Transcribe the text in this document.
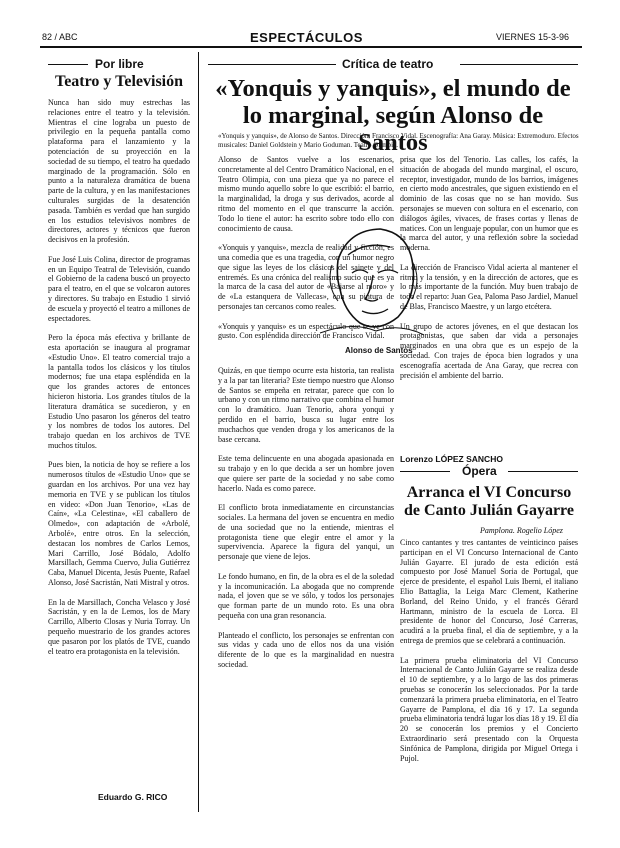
82 / ABC	ESPECTÁCULOS	VIERNES 15-3-96
Por libre
Teatro y Televisión
Nunca han sido muy estrechas las relaciones entre el teatro y la televisión. Mientras el cine lograba un puesto de privilegio en la pequeña pantalla como plataforma para el lanzamiento y la potenciación de su proyección en la sociedad de su tiempo, el teatro ha quedado marginado de la programación. Sólo en punto a la naturaleza dramática de buena parte de la cultura, y en las manifestaciones culturales surgidas de la desatención pasada. También es verdad que han surgido en los estudios televisivos nombres de directores, actores y técnicos que fueron decisivos en la profesión.

Fue José Luis Colina, director de programas en un Equipo Teatral de Televisión, cuando el Gobierno de la cadena buscó un proyecto para el teatro, en el que se volcaron autores y directores. Su trabajo en Estudio 1 sirvió de escuela y proyectó el teatro a millones de espectadores.

Pero la época más efectiva y brillante de esta aportación se inaugura al programar «Estudio Uno». El teatro comercial trajo a la pantalla todos los clásicos y los títulos modernos; fue una etapa espléndida en la que los grandes actores de entonces hicieron historia. Los grandes títulos de la literatura dramática se sucedieron, y en Estudio Uno pasaron los géneros del teatro y los nombres de todos los autores. Del trabajo quedan en los archivos de TVE muchos títulos.

Pues bien, la noticia de hoy se refiere a los numerosos títulos de «Estudio Uno» que se guardan en los archivos. Por una vez hay memoria en TVE y se publican los títulos en video: «Don Juan Tenorio», «Las de Caín», «La Celestina», «El caballero de Olmedo», con adaptación de «Arbolé, Arbolé», entre otros. En la selección, destacan los nombres de Carlos Lemos, Mari Carrillo, José Bódalo, Adolfo Marsillach, Gemma Cuervo, Julia Gutiérrez Caba, Manuel Dicenta, Jesús Puente, Rafael Alonso, José Sacristán, Nati Mistral y otros.

En la de Marsillach, Concha Velasco y José Sacristán, y en la de Lemos, los de Mary Carrillo, Alberto Closas y Nuria Torray. Un pequeño muestrario de los grandes actores que pasaron por los platós de TVE, cuando el teatro era protagonista en la televisión.
Eduardo G. RICO
Crítica de teatro
«Yonquis y yanquis», el mundo de lo marginal, según Alonso de Santos
«Yonquis y yanquis», de Alonso de Santos. Dirección: Francisco Vidal. Escenografía: Ana Garay. Música: Extremoduro. Efectos musicales: Daniel Goldstein y Mario Goduman. Teatro Olimpia.
Alonso de Santos vuelve a los escenarios, concretamente al del Centro Dramático Nacional, en el Teatro Olimpia, con una pieza que ya no parece el mismo mundo aquello sobre lo que escribió: el barrio, la marginalidad, la droga y sus derivados, acorde al ritmo del momento en el que transcurre la acción. Todo lo tiene el autor: ha escrito sobre todo ello con conocimiento de causa.

«Yonquis y yanquis», mezcla de realidad y ficción, es una comedia que es una tragedia, con un humor negro que sigue las leyes de los clásicos del sainete y del entremés. Es una crónica del realismo sucio que es ya la marca de la casa del autor de «Bajarse al moro» y de «La estanquera de Vallecas», con su pintura de personajes tan cercanos como reales.

«Yonquis y yanquis» es un espectáculo que se ve con gusto. Con espléndida dirección de Francisco Vidal.
Alonso de Santos
Quizás, en que tiempo ocurre esta historia, tan realista y a la par tan literaria? Este tiempo nuestro que Alonso de Santos se empeña en retratar, parece que con lo urbano y con un ritmo narrativo que combina el humor con lo dramático. Juan Tenorio, ahora yonqui y perdido en el barrio, busca su lugar entre los muchachos que venden droga y los americanos de la base cercana.

Este tema delincuente en una abogada apasionada en su trabajo y en lo que decida a ser un hombre joven que quiere ser parte de la sociedad y no sabe como hacerlo. Nada es como parece.

El conflicto brota inmediatamente en circunstancias sociales. La hermana del joven se encuentra en medio de una sociedad que no la entiende, mientras el protagonista tiene que elegir entre el amor y la supervivencia. Aparece la figura del yanqui, un personaje que viene de lejos.

Le fondo humano, en fin, de la obra es el de la soledad y la incomunicación. La abogada que no comprende nada, el joven que se ve sólo, y todos los personajes que forman parte de un mundo roto. Es una obra pequeña con una gran resonancia.

Planteado el conflicto, los personajes se enfrentan con sus vidas y cada uno de ellos nos da una visión diferente de lo que es la marginalidad en nuestra sociedad.
prisa que los del Tenorio. Las calles, los cafés, la situación de abogada del mundo marginal, el oscuro, receptor, investigador, mundo de los barrios, imágenes en cierto modo ancestrales, que siguen existiendo en el dominio de las cosas que no se han movido. Sus personajes se mueven con soltura en el escenario, con diálogos ágiles, vivaces, de frases cortas y llenas de matices. Con un lenguaje popular, con un humor que es la marca del autor, y una reflexión sobre la sociedad moderna.

La dirección de Francisco Vidal acierta al mantener el ritmo y la tensión, y en la dirección de actores, que es lo más importante de la función. Muy buen trabajo de todo el reparto: Juan Gea, Paloma Paso Jardiel, Manuel de Blas, Francisco Maestre, y un largo etcétera.

Un grupo de actores jóvenes, en el que destacan los protagonistas, que saben dar vida a personajes marginados en una obra que es un espejo de la sociedad. Con trajes de época bien logrados y una escenografía acertada de Ana Garay, que recrea con precisión el ambiente del barrio.
Lorenzo LÓPEZ SANCHO
Ópera
Arranca el VI Concurso de Canto Julián Gayarre
Pamplona. Rogelio López
Cinco cantantes y tres cantantes de veinticinco países participan en el VI Concurso Internacional de Canto Julián Gayarre. El jurado de esta edición está compuesto por José Manuel Soria de Portugal, que ejerce de presidente, el español Luis Iberni, el italiano Elio Battaglia, la Leiga Marc Clement, Katherine Borland, del Reino Unido, y el francés Gérard Hartmann, ministro de la escuela de Lorca. El presidente de honor del Concurso, José Carreras, acudirá a la prueba final, el día de septiembre, y a la entrega de premios que se celebrará a continuación.

La primera prueba eliminatoria del VI Concurso Internacional de Canto Julián Gayarre se realiza desde el 10 de septiembre, y a lo largo de las dos primeras pruebas se conocerán los seleccionados. Por la tarde comenzará la primera prueba eliminatoria, en el Teatro Gayarre de Pamplona, el día 16 y 17. La segunda prueba eliminatoria tendrá lugar los días 18 y 19. El día 20 se conocerán los premios y el Concierto Extraordinario será presentado con la Orquesta Sinfónica de Pamplona, dirigida por Miguel Ortega i Pujol.
